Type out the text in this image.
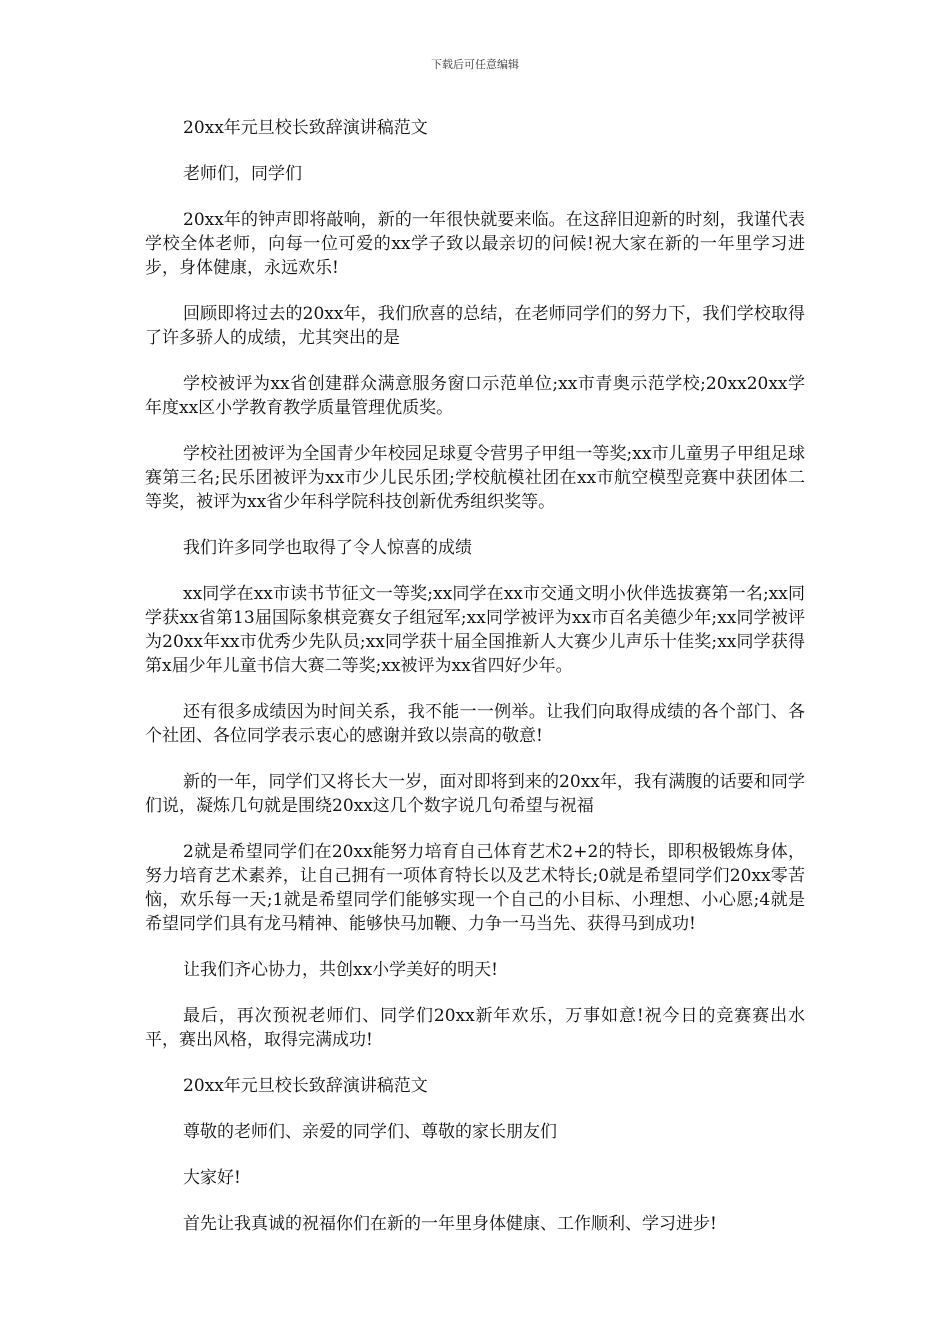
下载后可任意编辑

20xx年元旦校长致辞演讲稿范文

老师们，同学们

20xx年的钟声即将敲响，新的一年很快就要来临。在这辞旧迎新的时刻，我谨代表学校全体老师，向每一位可爱的xx学子致以最亲切的问候!祝大家在新的一年里学习进步，身体健康，永远欢乐!

回顾即将过去的20xx年，我们欣喜的总结，在老师同学们的努力下，我们学校取得了许多骄人的成绩，尤其突出的是

学校被评为xx省创建群众满意服务窗口示范单位;xx市青奥示范学校;20xx20xx学年度xx区小学教育教学质量管理优质奖。

学校社团被评为全国青少年校园足球夏令营男子甲组一等奖;xx市儿童男子甲组足球赛第三名;民乐团被评为xx市少儿民乐团;学校航模社团在xx市航空模型竞赛中获团体二等奖，被评为xx省少年科学院科技创新优秀组织奖等。

我们许多同学也取得了令人惊喜的成绩

xx同学在xx市读书节征文一等奖;xx同学在xx市交通文明小伙伴选拔赛第一名;xx同学获xx省第13届国际象棋竞赛女子组冠军;xx同学被评为xx市百名美德少年;xx同学被评为20xx年xx市优秀少先队员;xx同学获十届全国推新人大赛少儿声乐十佳奖;xx同学获得第x届少年儿童书信大赛二等奖;xx被评为xx省四好少年。

还有很多成绩因为时间关系，我不能一一例举。让我们向取得成绩的各个部门、各个社团、各位同学表示衷心的感谢并致以崇高的敬意!

新的一年，同学们又将长大一岁，面对即将到来的20xx年，我有满腹的话要和同学们说，凝炼几句就是围绕20xx这几个数字说几句希望与祝福

2就是希望同学们在20xx能努力培育自己体育艺术2+2的特长，即积极锻炼身体，努力培育艺术素养，让自己拥有一项体育特长以及艺术特长;0就是希望同学们20xx零苦恼，欢乐每一天;1就是希望同学们能够实现一个自己的小目标、小理想、小心愿;4就是希望同学们具有龙马精神、能够快马加鞭、力争一马当先、获得马到成功!

让我们齐心协力，共创xx小学美好的明天!

最后，再次预祝老师们、同学们20xx新年欢乐，万事如意!祝今日的竞赛赛出水平，赛出风格，取得完满成功!

20xx年元旦校长致辞演讲稿范文

尊敬的老师们、亲爱的同学们、尊敬的家长朋友们

大家好!

首先让我真诚的祝福你们在新的一年里身体健康、工作顺利、学习进步!
